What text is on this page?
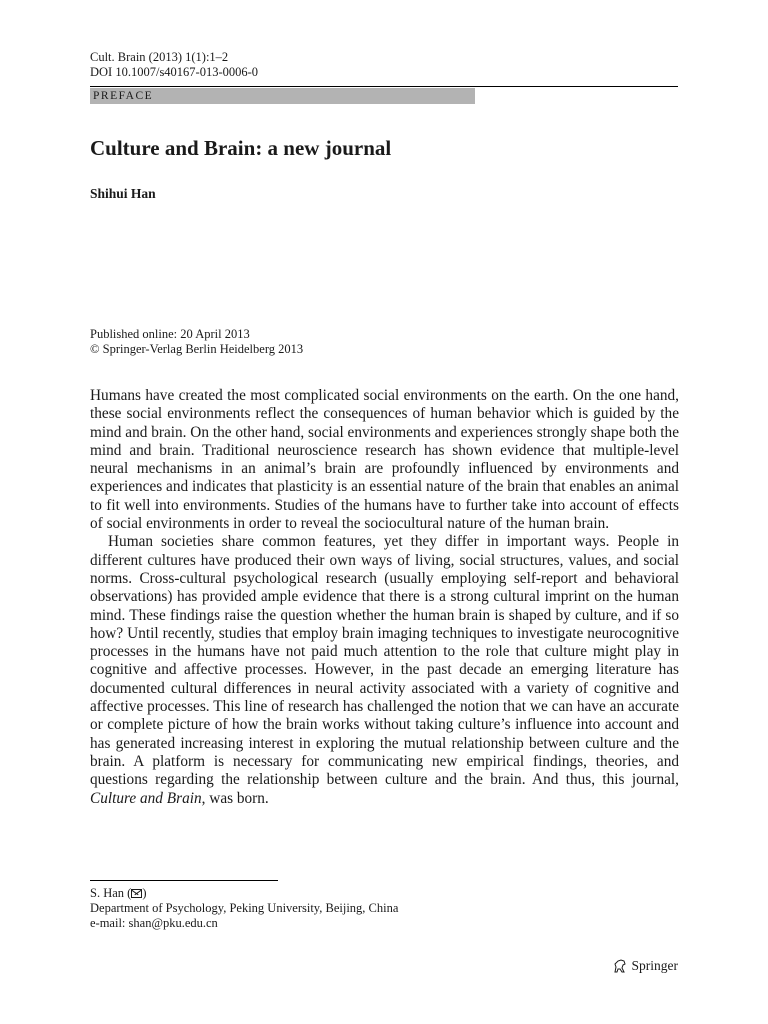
Cult. Brain (2013) 1(1):1–2
DOI 10.1007/s40167-013-0006-0
PREFACE
Culture and Brain: a new journal
Shihui Han
Published online: 20 April 2013
© Springer-Verlag Berlin Heidelberg 2013

Humans have created the most complicated social environments on the earth. On the one hand, these social environments reflect the consequences of human behavior which is guided by the mind and brain. On the other hand, social environments and experiences strongly shape both the mind and brain. Traditional neuroscience research has shown evidence that multiple-level neural mechanisms in an animal’s brain are profoundly influenced by environments and experiences and indicates that plasticity is an essential nature of the brain that enables an animal to fit well into environments. Studies of the humans have to further take into account of effects of social environments in order to reveal the sociocultural nature of the human brain.

Human societies share common features, yet they differ in important ways. People in different cultures have produced their own ways of living, social structures, values, and social norms. Cross-cultural psychological research (usually employing self-report and behavioral observations) has provided ample evidence that there is a strong cultural imprint on the human mind. These findings raise the question whether the human brain is shaped by culture, and if so how? Until recently, studies that employ brain imaging techniques to investigate neurocognitive processes in the humans have not paid much attention to the role that culture might play in cognitive and affective processes. However, in the past decade an emerging literature has documented cultural differences in neural activity associated with a variety of cognitive and affective processes. This line of research has challenged the notion that we can have an accurate or complete picture of how the brain works without taking culture’s influence into account and has generated increasing interest in exploring the mutual relationship between culture and the brain. A platform is necessary for communicating new empirical findings, theories, and questions regarding the relationship between culture and the brain. And thus, this journal, Culture and Brain, was born.

S. Han ( )
Department of Psychology, Peking University, Beijing, China
e-mail: shan@pku.edu.cn
Springer
